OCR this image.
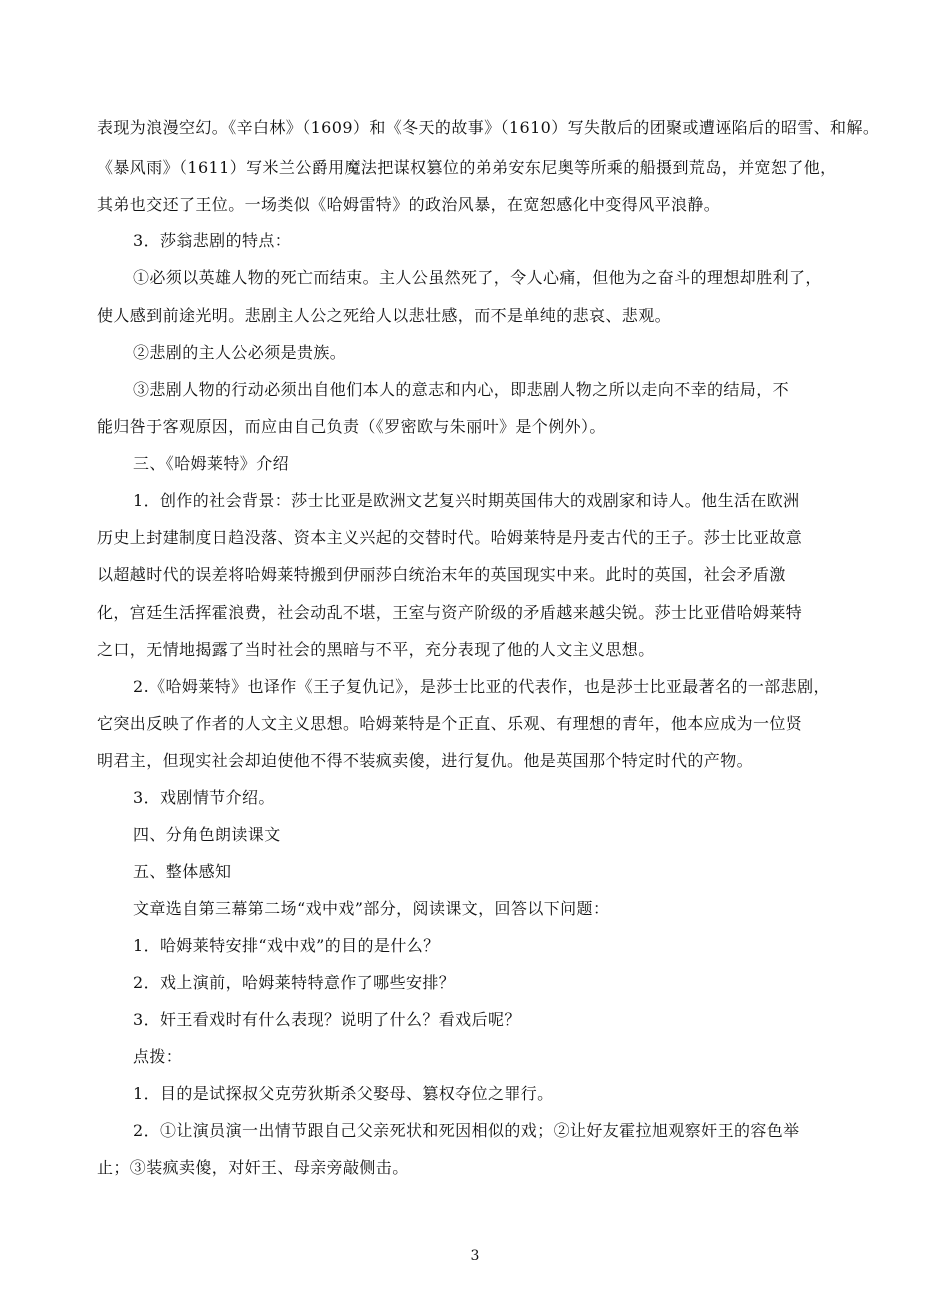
表现为浪漫空幻。《辛白林》（1609）和《冬天的故事》（1610）写失散后的团聚或遭诬陷后的昭雪、和解。
《暴风雨》（1611）写米兰公爵用魔法把谋权篡位的弟弟安东尼奥等所乘的船摄到荒岛，并宽恕了他，
其弟也交还了王位。一场类似《哈姆雷特》的政治风暴，在宽恕感化中变得风平浪静。
3．莎翁悲剧的特点：
①必须以英雄人物的死亡而结束。主人公虽然死了，令人心痛，但他为之奋斗的理想却胜利了，
使人感到前途光明。悲剧主人公之死给人以悲壮感，而不是单纯的悲哀、悲观。
②悲剧的主人公必须是贵族。
③悲剧人物的行动必须出自他们本人的意志和内心，即悲剧人物之所以走向不幸的结局，不
能归咎于客观原因，而应由自己负责（《罗密欧与朱丽叶》是个例外）。
三、《哈姆莱特》介绍
1．创作的社会背景：莎士比亚是欧洲文艺复兴时期英国伟大的戏剧家和诗人。他生活在欧洲
历史上封建制度日趋没落、资本主义兴起的交替时代。哈姆莱特是丹麦古代的王子。莎士比亚故意
以超越时代的误差将哈姆莱特搬到伊丽莎白统治末年的英国现实中来。此时的英国，社会矛盾激
化，宫廷生活挥霍浪费，社会动乱不堪，王室与资产阶级的矛盾越来越尖锐。莎士比亚借哈姆莱特
之口，无情地揭露了当时社会的黑暗与不平，充分表现了他的人文主义思想。
2.《哈姆莱特》也译作《王子复仇记》，是莎士比亚的代表作，也是莎士比亚最著名的一部悲剧，
它突出反映了作者的人文主义思想。哈姆莱特是个正直、乐观、有理想的青年，他本应成为一位贤
明君主，但现实社会却迫使他不得不装疯卖傻，进行复仇。他是英国那个特定时代的产物。
3．戏剧情节介绍。
四、分角色朗读课文
五、整体感知
文章选自第三幕第二场“戏中戏”部分，阅读课文，回答以下问题：
1．哈姆莱特安排“戏中戏”的目的是什么？
2．戏上演前，哈姆莱特特意作了哪些安排？
3．奸王看戏时有什么表现？说明了什么？看戏后呢？
点拨：
1．目的是试探叔父克劳狄斯杀父娶母、篡权夺位之罪行。
2．①让演员演一出情节跟自己父亲死状和死因相似的戏；②让好友霍拉旭观察奸王的容色举
止；③装疯卖傻，对奸王、母亲旁敲侧击。
3
